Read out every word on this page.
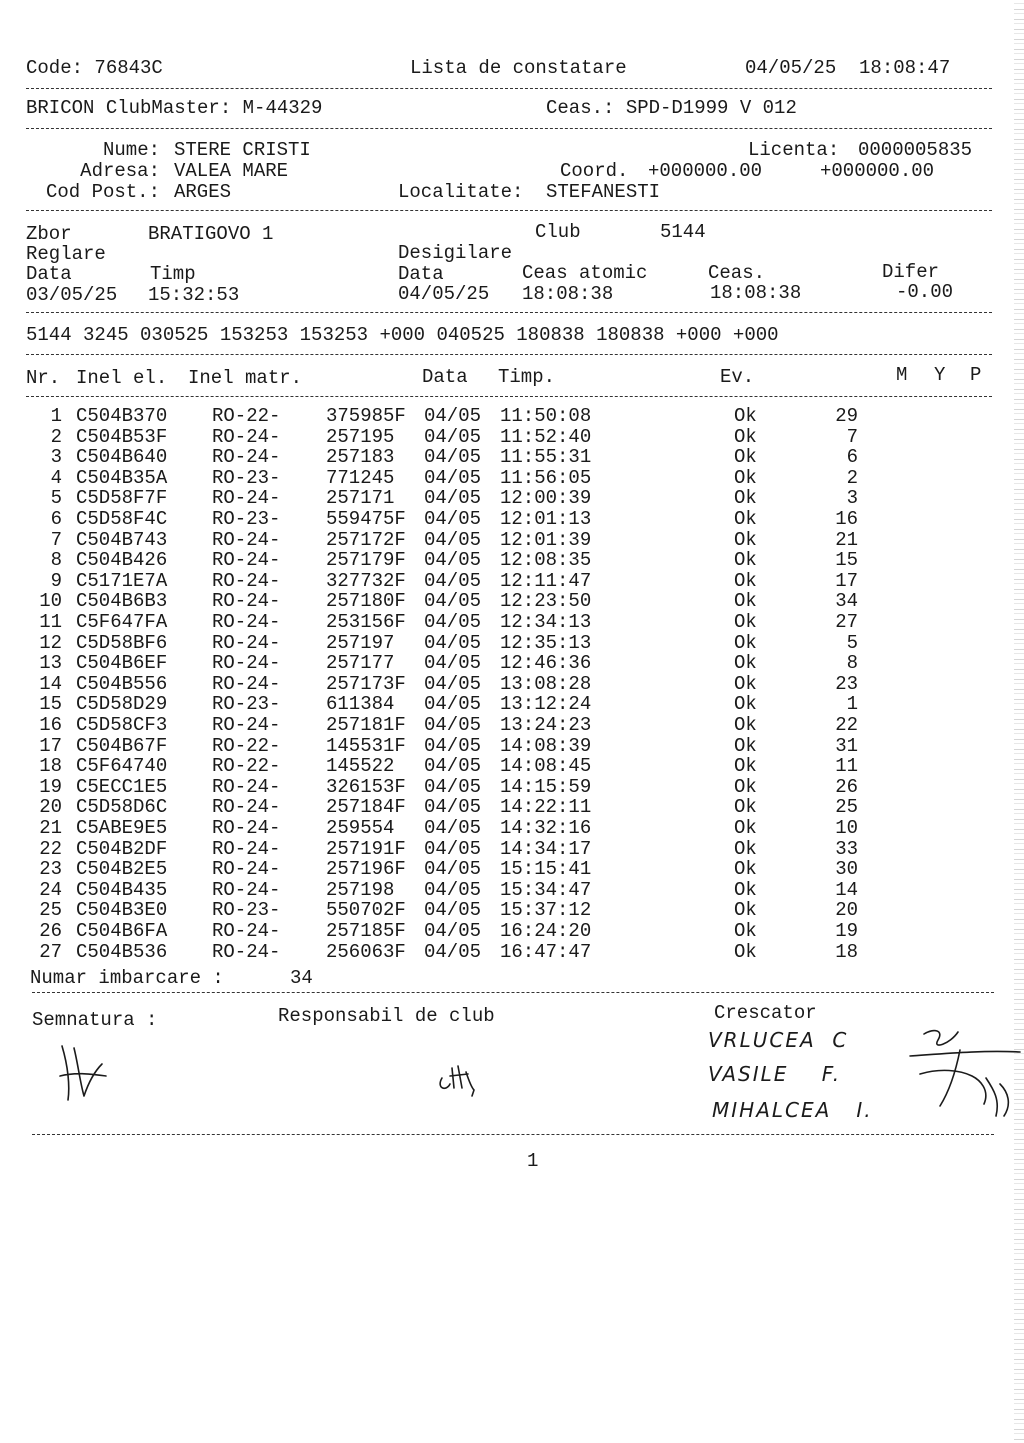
Code: 76843C	Lista de constatare	04/05/25  18:08:47
BRICON ClubMaster: M-44329	Ceas.: SPD-D1999 V 012
Nume: STERE CRISTI	Licenta: 0000005835
Adresa: VALEA MARE	Coord. +000000.00	+000000.00
Cod Post.: ARGES	Localitate: STEFANESTI
Zbor	BRATIGOVO 1	Club	5144
Reglare	Desigilare
Data	Timp	Data	Ceas atomic	Ceas.	Difer
03/05/25 15:32:53	04/05/25 18:08:38	18:08:38	-0.00
5144 3245 030525 153253 153253 +000 040525 180838 180838 +000 +000
Nr. Inel el. Inel matr.	Data Timp.	Ev.	M Y P
1 C504B370 RO-22- 375985F 04/05 11:50:08	Ok	29
2 C504B53F RO-24- 257195 04/05 11:52:40	Ok	7
3 C504B640 RO-24- 257183 04/05 11:55:31	Ok	6
4 C504B35A RO-23- 771245 04/05 11:56:05	Ok	2
5 C5D58F7F RO-24- 257171 04/05 12:00:39	Ok	3
6 C5D58F4C RO-23- 559475F 04/05 12:01:13	Ok	16
7 C504B743 RO-24- 257172F 04/05 12:01:39	Ok	21
8 C504B426 RO-24- 257179F 04/05 12:08:35	Ok	15
9 C5171E7A RO-24- 327732F 04/05 12:11:47	Ok	17
10 C504B6B3 RO-24- 257180F 04/05 12:23:50	Ok	34
11 C5F647FA RO-24- 253156F 04/05 12:34:13	Ok	27
12 C5D58BF6 RO-24- 257197 04/05 12:35:13	Ok	5
13 C504B6EF RO-24- 257177 04/05 12:46:36	Ok	8
14 C504B556 RO-24- 257173F 04/05 13:08:28	Ok	23
15 C5D58D29 RO-23- 611384 04/05 13:12:24	Ok	1
16 C5D58CF3 RO-24- 257181F 04/05 13:24:23	Ok	22
17 C504B67F RO-22- 145531F 04/05 14:08:39	Ok	31
18 C5F64740 RO-22- 145522 04/05 14:08:45	Ok	11
19 C5ECC1E5 RO-24- 326153F 04/05 14:15:59	Ok	26
20 C5D58D6C RO-24- 257184F 04/05 14:22:11	Ok	25
21 C5ABE9E5 RO-24- 259554 04/05 14:32:16	Ok	10
22 C504B2DF RO-24- 257191F 04/05 14:34:17	Ok	33
23 C504B2E5 RO-24- 257196F 04/05 15:15:41	Ok	30
24 C504B435 RO-24- 257198 04/05 15:34:47	Ok	14
25 C504B3E0 RO-23- 550702F 04/05 15:37:12	Ok	20
26 C504B6FA RO-24- 257185F 04/05 16:24:20	Ok	19
27 C504B536 RO-24- 256063F 04/05 16:47:47	Ok	18
Numar imbarcare :	34
Semnatura :	Responsabil de club	Crescator
VRLUCEA  C
VASILE    F.
MIHALCEA   I.
1
